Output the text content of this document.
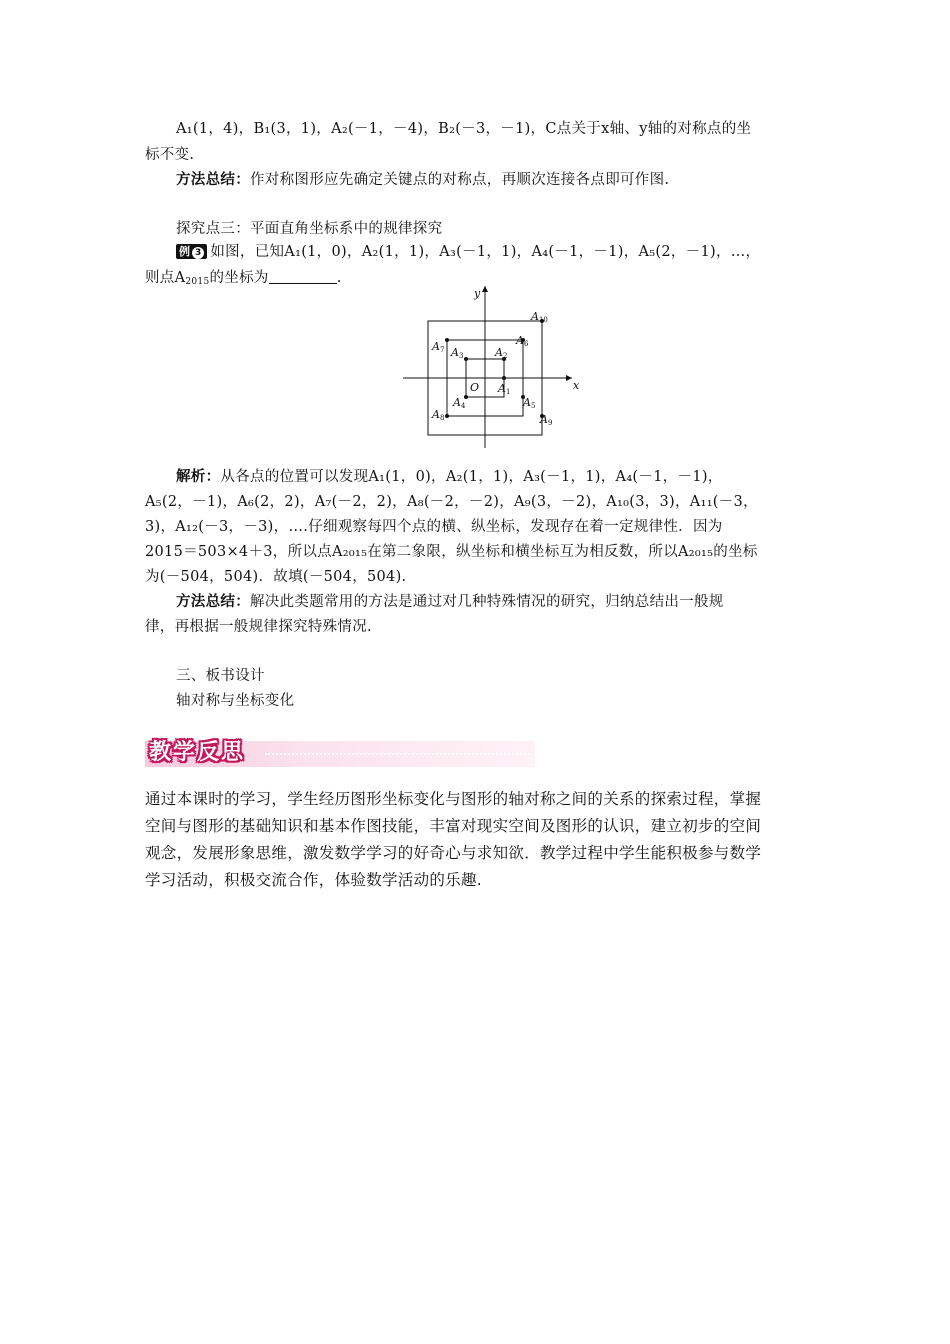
A₁(1，4)，B₁(3，1)，A₂(－1，－4)，B₂(－3，－1)，C点关于x轴、y轴的对称点的坐
标不变.
方法总结：作对称图形应先确定关键点的对称点，再顺次连接各点即可作图.
探究点三：平面直角坐标系中的规律探究
例 3 如图，已知A₁(1，0)，A₂(1，1)，A₃(－1，1)，A₄(－1，－1)，A₅(2，－1)，…，
则点$A_{2015}$的坐标为	.
y
x
O A1
A2
A3
A4	A5
A6
A7
A8	A9
A10
解析：从各点的位置可以发现A₁(1，0)，A₂(1，1)，A₃(－1，1)，A₄(－1，－1)，
A₅(2，－1)，A₆(2，2)，A₇(－2，2)，A₈(－2，－2)，A₉(3，－2)，A₁₀(3，3)，A₁₁(－3，
3)，A₁₂(－3，－3)，….仔细观察每四个点的横、纵坐标，发现存在着一定规律性．因为
2015＝503×4＋3，所以点A₂₀₁₅在第二象限，纵坐标和横坐标互为相反数，所以A₂₀₁₅的坐标
为(－504，504)．故填(－504，504).
方法总结：解决此类题常用的方法是通过对几种特殊情况的研究，归纳总结出一般规
律，再根据一般规律探究特殊情况.
三、板书设计
轴对称与坐标变化
教学反思
通过本课时的学习，学生经历图形坐标变化与图形的轴对称之间的关系的探索过程，掌握
空间与图形的基础知识和基本作图技能，丰富对现实空间及图形的认识，建立初步的空间
观念，发展形象思维，激发数学学习的好奇心与求知欲．教学过程中学生能积极参与数学
学习活动，积极交流合作，体验数学活动的乐趣.
